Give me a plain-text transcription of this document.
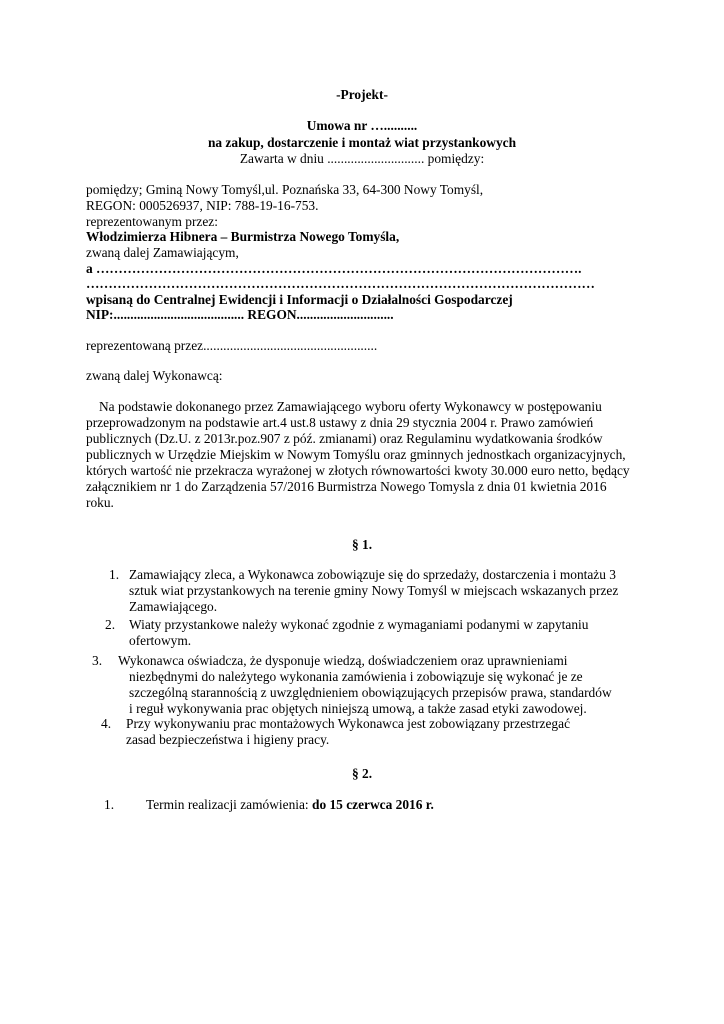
-Projekt-
Umowa nr …..........
na zakup, dostarczenie i montaż wiat przystankowych
Zawarta w dniu ............................. pomiędzy:
pomiędzy; Gminą Nowy Tomyśl,ul. Poznańska 33, 64-300 Nowy Tomyśl,
REGON: 000526937, NIP: 788-19-16-753.
reprezentowanym przez:
Włodzimierza Hibnera – Burmistrza Nowego Tomyśla,
zwaną dalej Zamawiającym,
a ……………………………………………………………………………………………….
……………………………………………………………………………………………………
wpisaną do Centralnej Ewidencji i Informacji o Działalności Gospodarczej
NIP:....................................... REGON.............................
reprezentowaną przez....................................................
zwaną dalej Wykonawcą:
Na podstawie dokonanego przez Zamawiającego wyboru oferty Wykonawcy w postępowaniu
przeprowadzonym na podstawie art.4 ust.8 ustawy z dnia 29 stycznia 2004 r. Prawo zamówień
publicznych (Dz.U. z 2013r.poz.907 z póź. zmianami) oraz Regulaminu wydatkowania środków
publicznych w Urzędzie Miejskim w Nowym Tomyślu oraz gminnych jednostkach organizacyjnych,
których wartość nie przekracza wyrażonej w złotych równowartości kwoty 30.000 euro netto, będący
załącznikiem nr 1 do Zarządzenia 57/2016 Burmistrza Nowego Tomysla z dnia 01 kwietnia 2016
roku.
§ 1.
1. Zamawiający zleca, a Wykonawca zobowiązuje się do sprzedaży, dostarczenia i montażu 3
sztuk wiat przystankowych na terenie gminy Nowy Tomyśl w miejscach wskazanych przez
Zamawiającego.
2. Wiaty przystankowe należy wykonać zgodnie z wymaganiami podanymi w zapytaniu
ofertowym.
3. Wykonawca oświadcza, że dysponuje wiedzą, doświadczeniem oraz uprawnieniami
niezbędnymi do należytego wykonania zamówienia i zobowiązuje się wykonać je ze
szczególną starannością z uwzględnieniem obowiązujących przepisów prawa, standardów
i reguł wykonywania prac objętych niniejszą umową, a także zasad etyki zawodowej.
4. Przy wykonywaniu prac montażowych Wykonawca jest zobowiązany przestrzegać
zasad bezpieczeństwa i higieny pracy.
§ 2.
1. Termin realizacji zamówienia: do 15 czerwca 2016 r.
